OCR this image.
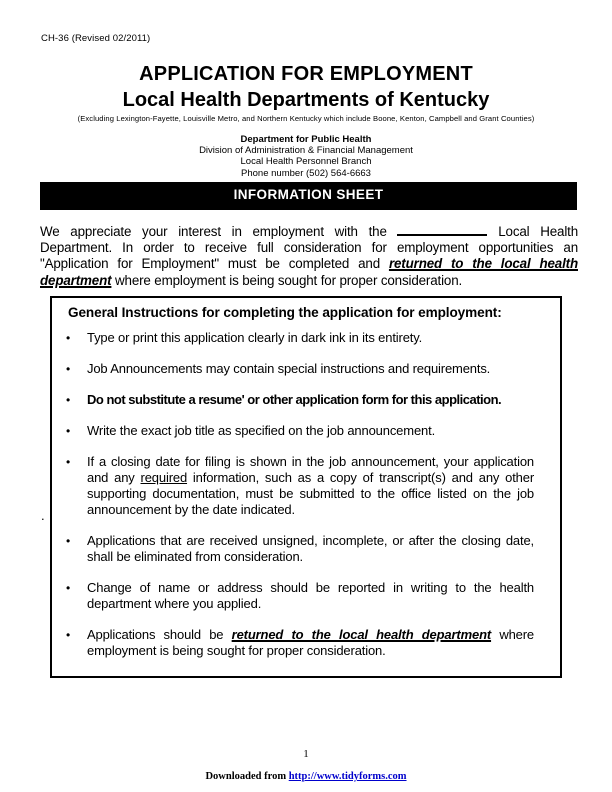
CH-36 (Revised 02/2011)
APPLICATION FOR EMPLOYMENT
Local Health Departments of Kentucky
(Excluding Lexington-Fayette, Louisville Metro, and Northern Kentucky which include Boone, Kenton, Campbell and Grant Counties)
Department for Public Health
Division of Administration & Financial Management
Local Health Personnel Branch
Phone number (502) 564-6663
INFORMATION SHEET

We appreciate your interest in employment with the	Local Health Department. In order to receive full consideration for employment opportunities an "Application for Employment" must be completed and returned to the local health department where employment is being sought for proper consideration.

General Instructions for completing the application for employment:
•	Type or print this application clearly in dark ink in its entirety.
•	Job Announcements may contain special instructions and requirements.
•	Do not substitute a resume' or other application form for this application.
•	Write the exact job title as specified on the job announcement.
•	If a closing date for filing is shown in the job announcement, your application and any required information, such as a copy of transcript(s) and any other supporting documentation, must be submitted to the office listed on the job announcement by the date indicated.
•	Applications that are received unsigned, incomplete, or after the closing date, shall be eliminated from consideration.
•	Change of name or address should be reported in writing to the health department where you applied.
•	Applications should be returned to the local health department where employment is being sought for proper consideration.
.
1
Downloaded from http://www.tidyforms.com
